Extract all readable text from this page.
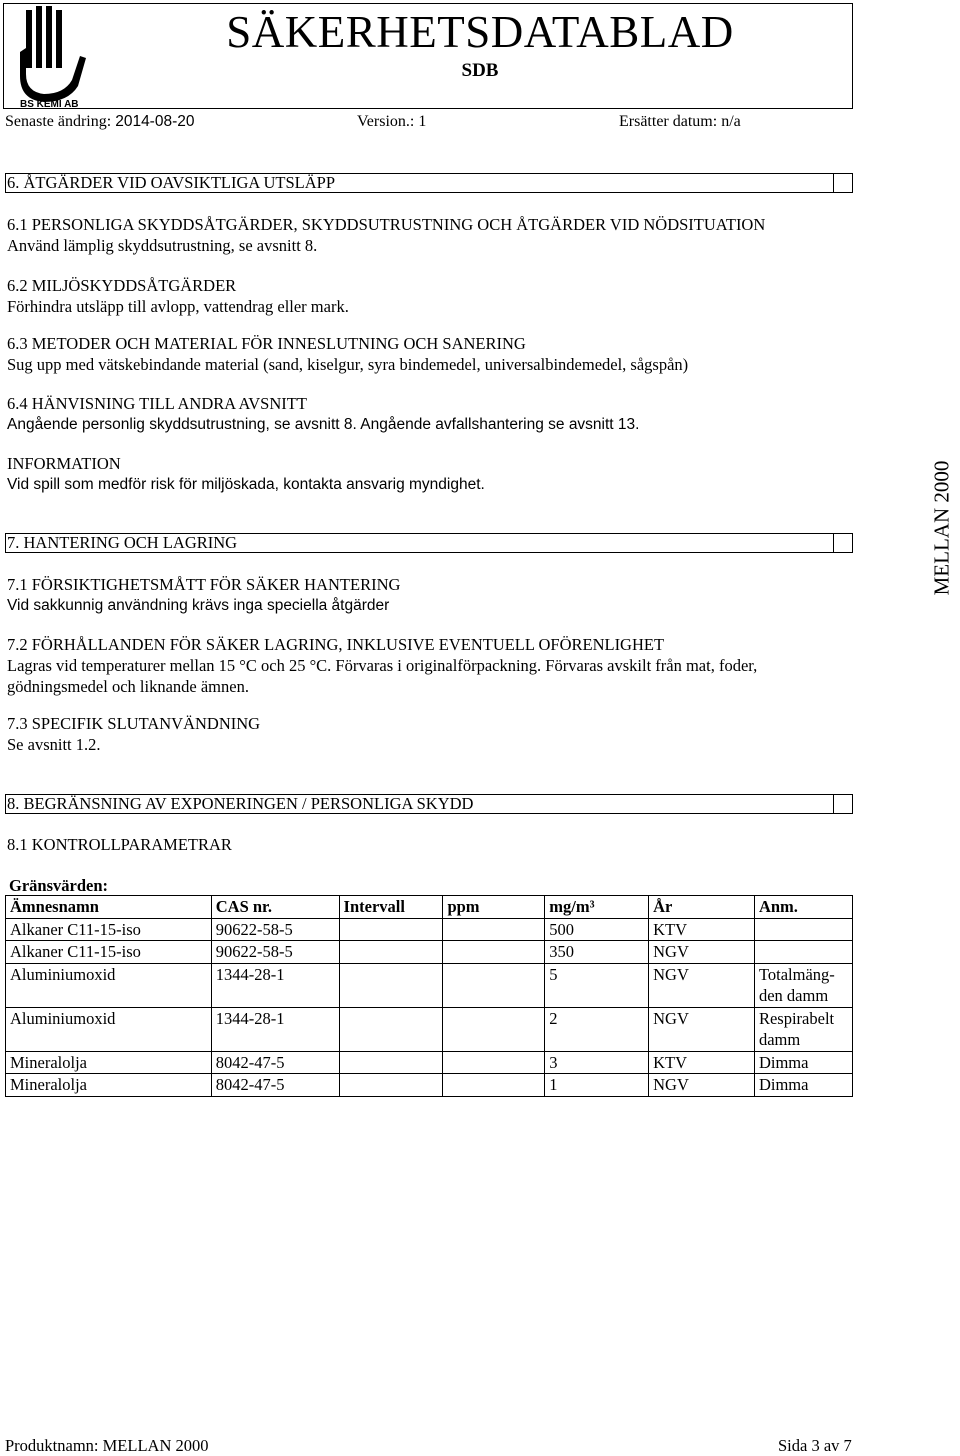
BS KEMI AB
SÄKERHETSDATABLAD
SDB
Senaste ändring: 2014-08-20	Version.: 1	Ersätter datum: n/a
6. ÅTGÄRDER VID OAVSIKTLIGA UTSLÄPP
6.1 PERSONLIGA SKYDDSÅTGÄRDER, SKYDDSUTRUSTNING OCH ÅTGÄRDER VID NÖDSITUATION
Använd lämplig skyddsutrustning, se avsnitt 8.
6.2 MILJÖSKYDDSÅTGÄRDER
Förhindra utsläpp till avlopp, vattendrag eller mark.
6.3 METODER OCH MATERIAL FÖR INNESLUTNING OCH SANERING
Sug upp med vätskebindande material (sand, kiselgur, syra bindemedel, universalbindemedel, sågspån)
6.4 HÄNVISNING TILL ANDRA AVSNITT
Angående personlig skyddsutrustning, se avsnitt 8. Angående avfallshantering se avsnitt 13.
INFORMATION
Vid spill som medför risk för miljöskada, kontakta ansvarig myndighet.
7. HANTERING OCH LAGRING
7.1 FÖRSIKTIGHETSMÅTT FÖR SÄKER HANTERING
Vid sakkunnig användning krävs inga speciella åtgärder
7.2 FÖRHÅLLANDEN FÖR SÄKER LAGRING, INKLUSIVE EVENTUELL OFÖRENLIGHET
Lagras vid temperaturer mellan 15 °C och 25 °C. Förvaras i originalförpackning. Förvaras avskilt från mat, foder,
gödningsmedel och liknande ämnen.
7.3 SPECIFIK SLUTANVÄNDNING
Se avsnitt 1.2.
8. BEGRÄNSNING AV EXPONERINGEN / PERSONLIGA SKYDD
8.1 KONTROLLPARAMETRAR
Gränsvärden:
Ämnesnamn	CAS nr.	Intervall	ppm	mg/m³	År	Anm.
Alkaner C11-15-iso	90622-58-5			500	KTV	
Alkaner C11-15-iso	90622-58-5			350	NGV	
Aluminiumoxid	1344-28-1			5	NGV	Totalmäng-den damm
Aluminiumoxid	1344-28-1			2	NGV	Respirabelt damm
Mineralolja	8042-47-5			3	KTV	Dimma
Mineralolja	8042-47-5			1	NGV	Dimma
MELLAN 2000
Produktnamn: MELLAN 2000	Sida 3 av 7
